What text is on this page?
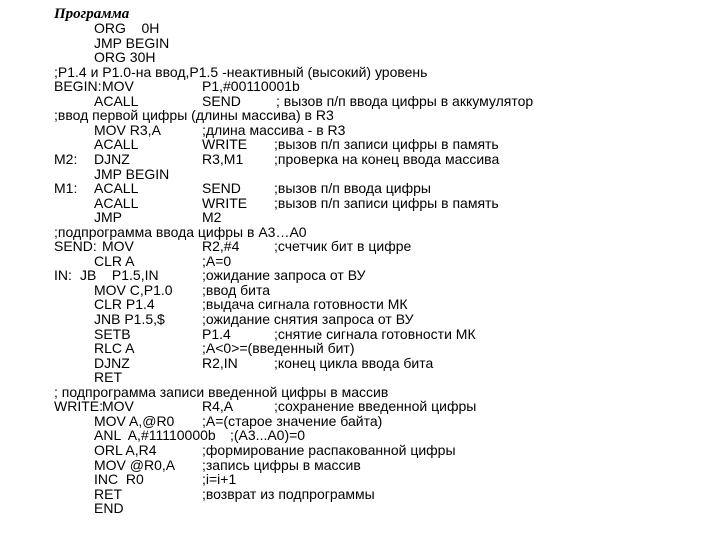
Программа
ORG    0H
JMP BEGIN
ORG 30H
;P1.4 и P1.0-на ввод,P1.5 -неактивный (высокий) уровень
BEGIN: MOV	P1,#00110001b
ACALL	SEND	; вызов п/п ввода цифры в аккумулятор
;ввод первой цифры (длины массива) в R3
MOV R3,A	;длина массива - в R3
ACALL	WRITE ;вызов п/п записи цифры в память
M2: DJNZ	R3,M1 ;проверка на конец ввода массива
JMP BEGIN
M1: ACALL	SEND ;вызов п/п ввода цифры
ACALL	WRITE ;вызов п/п записи цифры в память
JMP	M2
;подпрограмма ввода цифры в А3…А0
SEND: MOV	R2,#4 ;счетчик бит в цифре
CLR A	;A=0
IN: JB    P1.5,IN	;ожидание запроса от ВУ
MOV C,P1.0 ;ввод бита
CLR P1.4	;выдача сигнала готовности МК
JNB P1.5,$	;ожидание снятия запроса от ВУ
SETB	P1.4	;снятие сигнала готовности МК
RLC A	;A<0>=(введенный бит)
DJNZ	R2,IN	;конец цикла ввода бита
RET
; подпрограмма записи введенной цифры в массив
WRITE: MOV	R4,A	;сохранение введенной цифры
MOV A,@R0 ;A=(старое значение байта)
ANL  A,#11110000b ;(A3...A0)=0
ORL A,R4	;формирование распакованной цифры
MOV @R0,A ;запись цифры в массив
INC  R0	;i=i+1
RET	;возврат из подпрограммы
END
